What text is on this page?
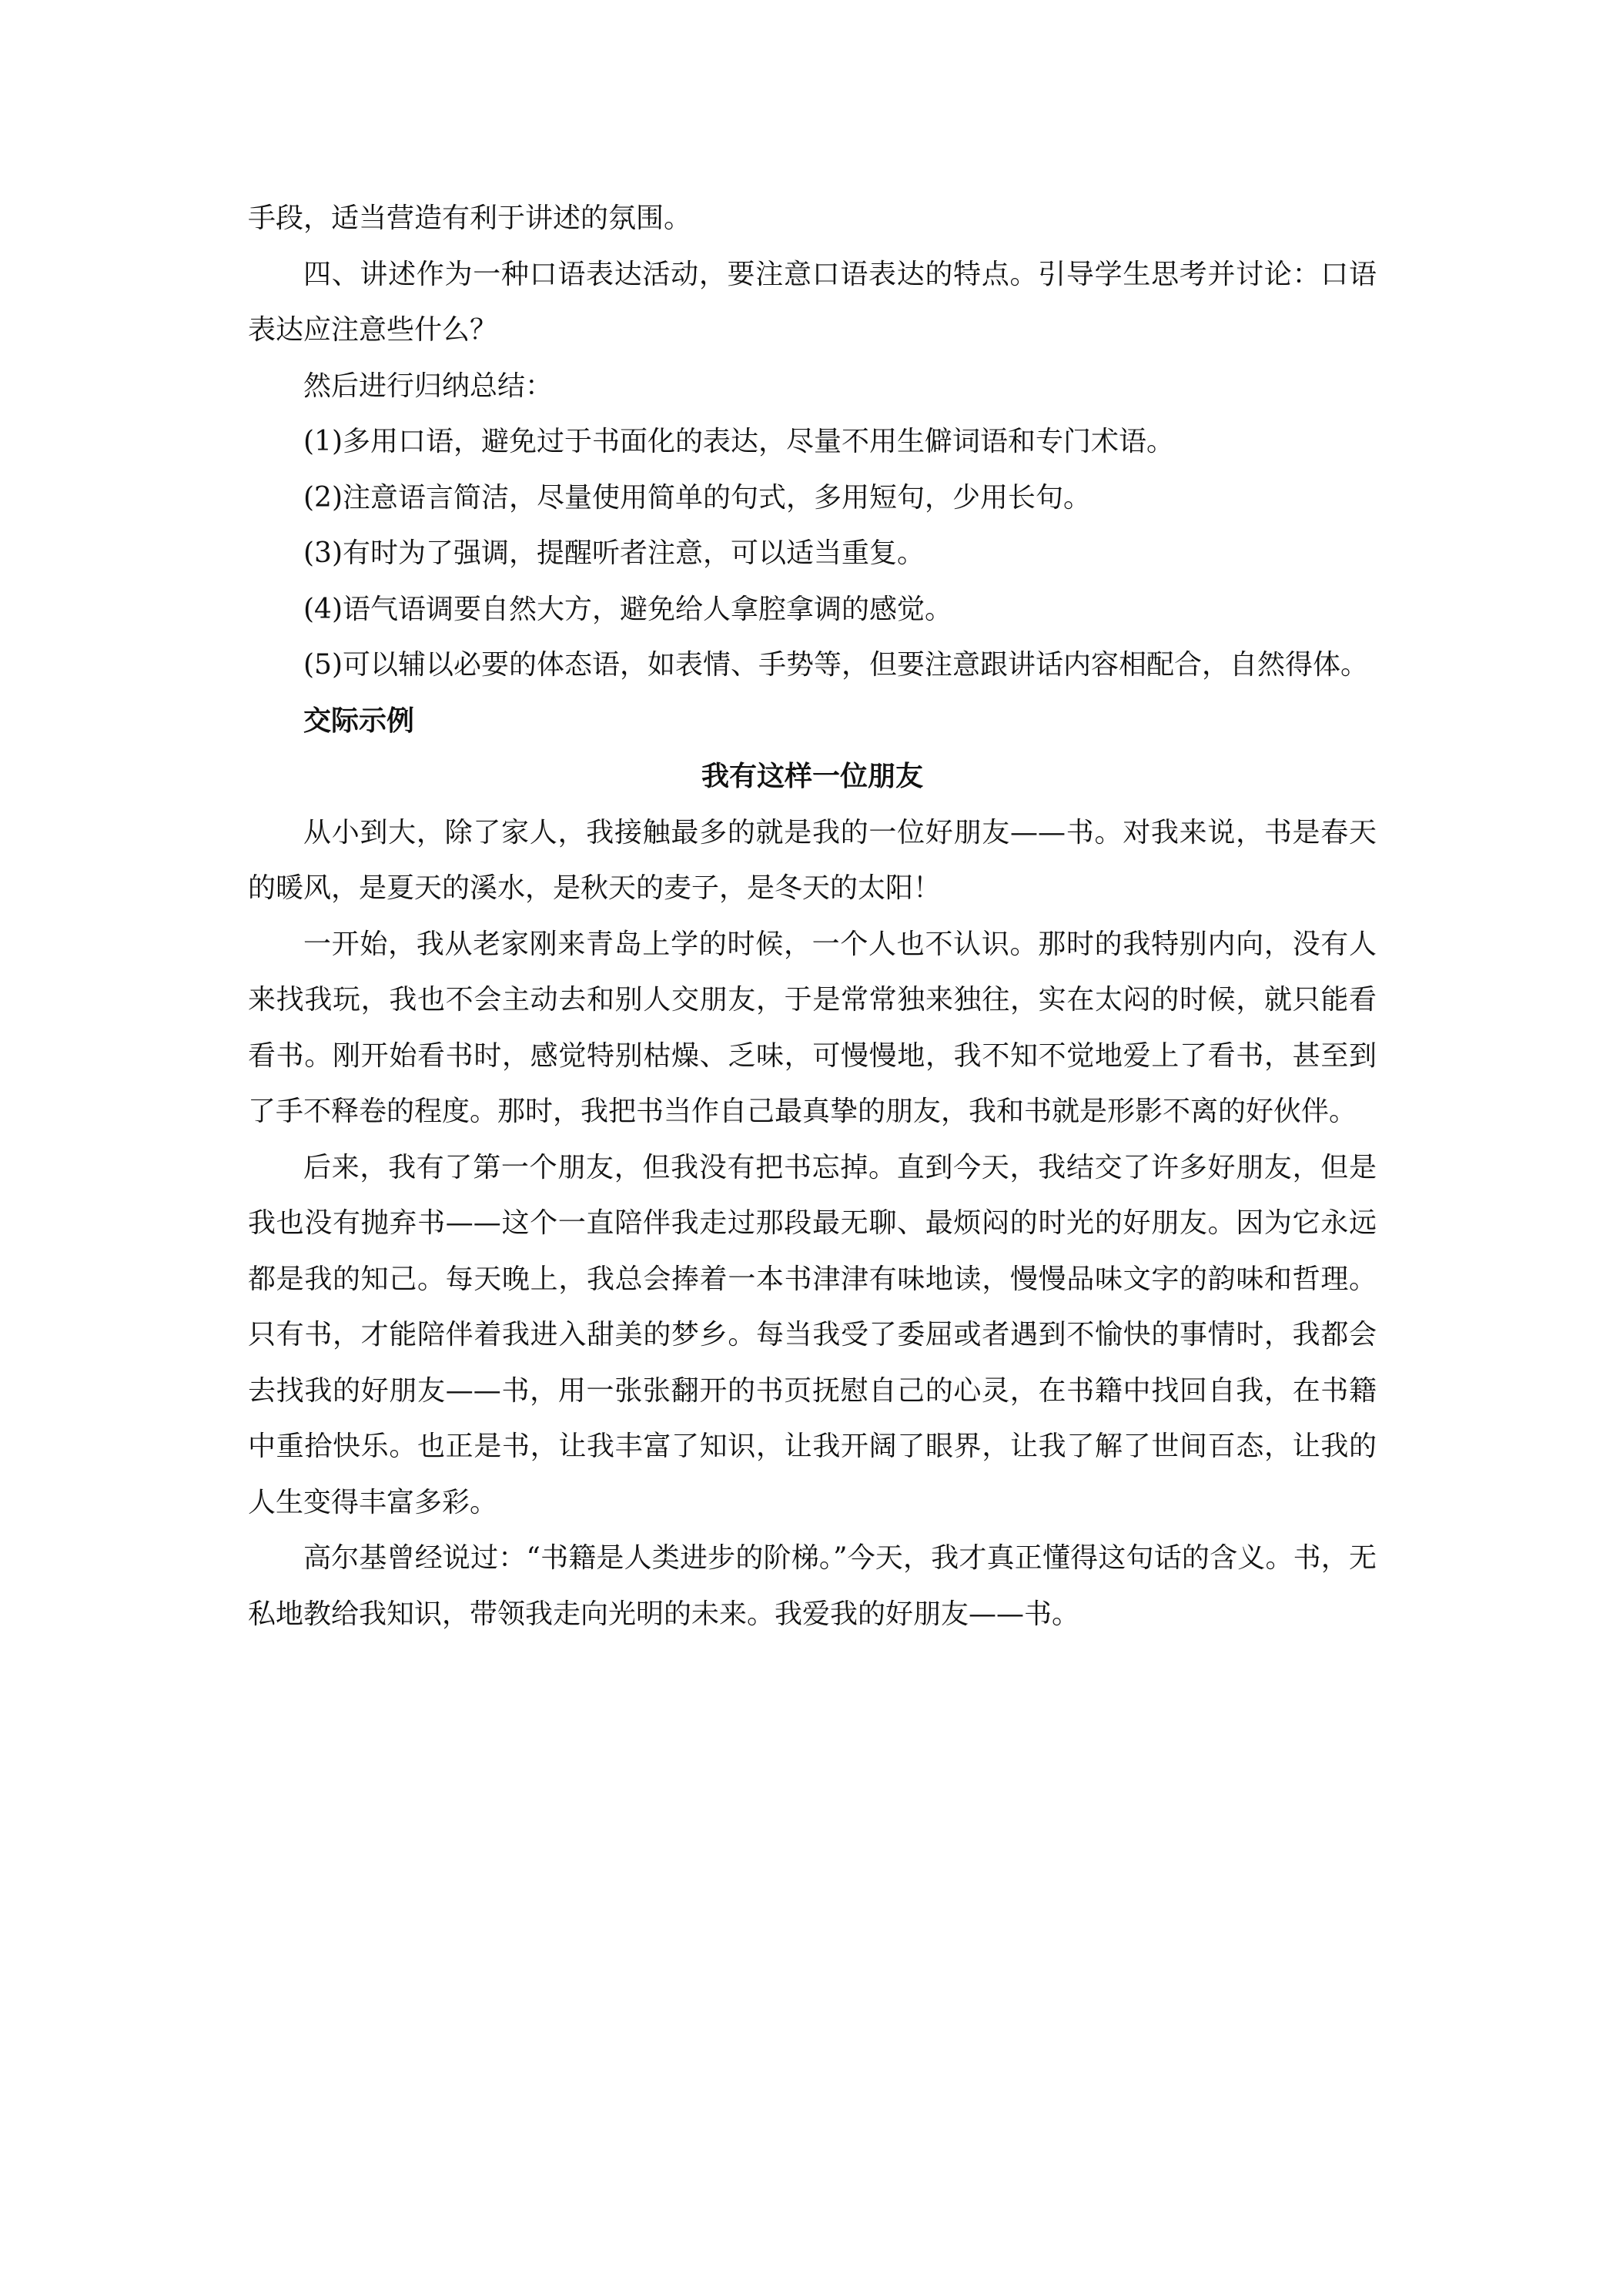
手段，适当营造有利于讲述的氛围。

四、讲述作为一种口语表达活动，要注意口语表达的特点。引导学生思考并讨论：口语表达应注意些什么？

然后进行归纳总结：

(1)多用口语，避免过于书面化的表达，尽量不用生僻词语和专门术语。

(2)注意语言简洁，尽量使用简单的句式，多用短句，少用长句。

(3)有时为了强调，提醒听者注意，可以适当重复。

(4)语气语调要自然大方，避免给人拿腔拿调的感觉。

(5)可以辅以必要的体态语，如表情、手势等，但要注意跟讲话内容相配合，自然得体。

交际示例

我有这样一位朋友

从小到大，除了家人，我接触最多的就是我的一位好朋友——书。对我来说，书是春天的暖风，是夏天的溪水，是秋天的麦子，是冬天的太阳！

一开始，我从老家刚来青岛上学的时候，一个人也不认识。那时的我特别内向，没有人来找我玩，我也不会主动去和别人交朋友，于是常常独来独往，实在太闷的时候，就只能看看书。刚开始看书时，感觉特别枯燥、乏味，可慢慢地，我不知不觉地爱上了看书，甚至到了手不释卷的程度。那时，我把书当作自己最真挚的朋友，我和书就是形影不离的好伙伴。

后来，我有了第一个朋友，但我没有把书忘掉。直到今天，我结交了许多好朋友，但是我也没有抛弃书——这个一直陪伴我走过那段最无聊、最烦闷的时光的好朋友。因为它永远都是我的知己。每天晚上，我总会捧着一本书津津有味地读，慢慢品味文字的韵味和哲理。只有书，才能陪伴着我进入甜美的梦乡。每当我受了委屈或者遇到不愉快的事情时，我都会去找我的好朋友——书，用一张张翻开的书页抚慰自己的心灵，在书籍中找回自我，在书籍中重拾快乐。也正是书，让我丰富了知识，让我开阔了眼界，让我了解了世间百态，让我的人生变得丰富多彩。

高尔基曾经说过：“书籍是人类进步的阶梯。”今天，我才真正懂得这句话的含义。书，无私地教给我知识，带领我走向光明的未来。我爱我的好朋友——书。
